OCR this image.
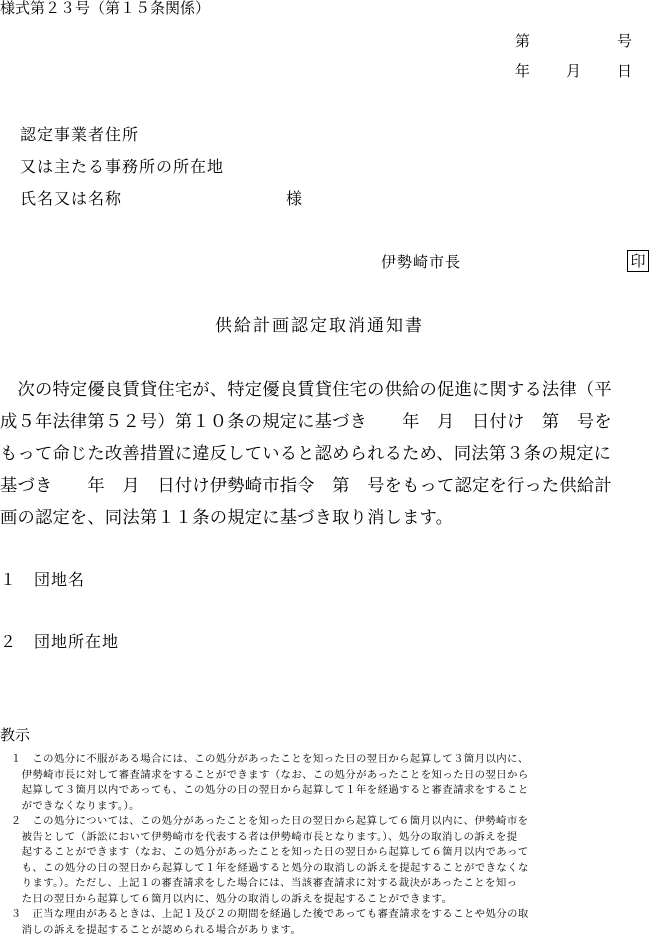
様式第２３号（第１５条関係）
第　　　　　号
年　　月　　日
認定事業者住所
又は主たる事務所の所在地
氏名又は名称	様
伊勢崎市長	印
供給計画認定取消通知書
　次の特定優良賃貸住宅が、特定優良賃貸住宅の供給の促進に関する法律（平
成５年法律第５２号）第１０条の規定に基づき　　年　月　日付け　第　号を
もって命じた改善措置に違反していると認められるため、同法第３条の規定に
基づき　　年　月　日付け伊勢崎市指令　第　号をもって認定を行った供給計
画の認定を、同法第１１条の規定に基づき取り消します。
１　団地名
２　団地所在地
教示
　１　この処分に不服がある場合には、この処分があったことを知った日の翌日から起算して３箇月以内に、
　　伊勢崎市長に対して審査請求をすることができます（なお、この処分があったことを知った日の翌日から
　　起算して３箇月以内であっても、この処分の日の翌日から起算して１年を経過すると審査請求をすること
　　ができなくなります。）。
　２　この処分については、この処分があったことを知った日の翌日から起算して６箇月以内に、伊勢崎市を
　　被告として（訴訟において伊勢崎市を代表する者は伊勢崎市長となります。）、処分の取消しの訴えを提
　　起することができます（なお、この処分があったことを知った日の翌日から起算して６箇月以内であって
　　も、この処分の日の翌日から起算して１年を経過すると処分の取消しの訴えを提起することができなくな
　　ります。）。ただし、上記１の審査請求をした場合には、当該審査請求に対する裁決があったことを知っ
　　た日の翌日から起算して６箇月以内に、処分の取消しの訴えを提起することができます。
　３　正当な理由があるときは、上記１及び２の期間を経過した後であっても審査請求をすることや処分の取
　　消しの訴えを提起することが認められる場合があります。
